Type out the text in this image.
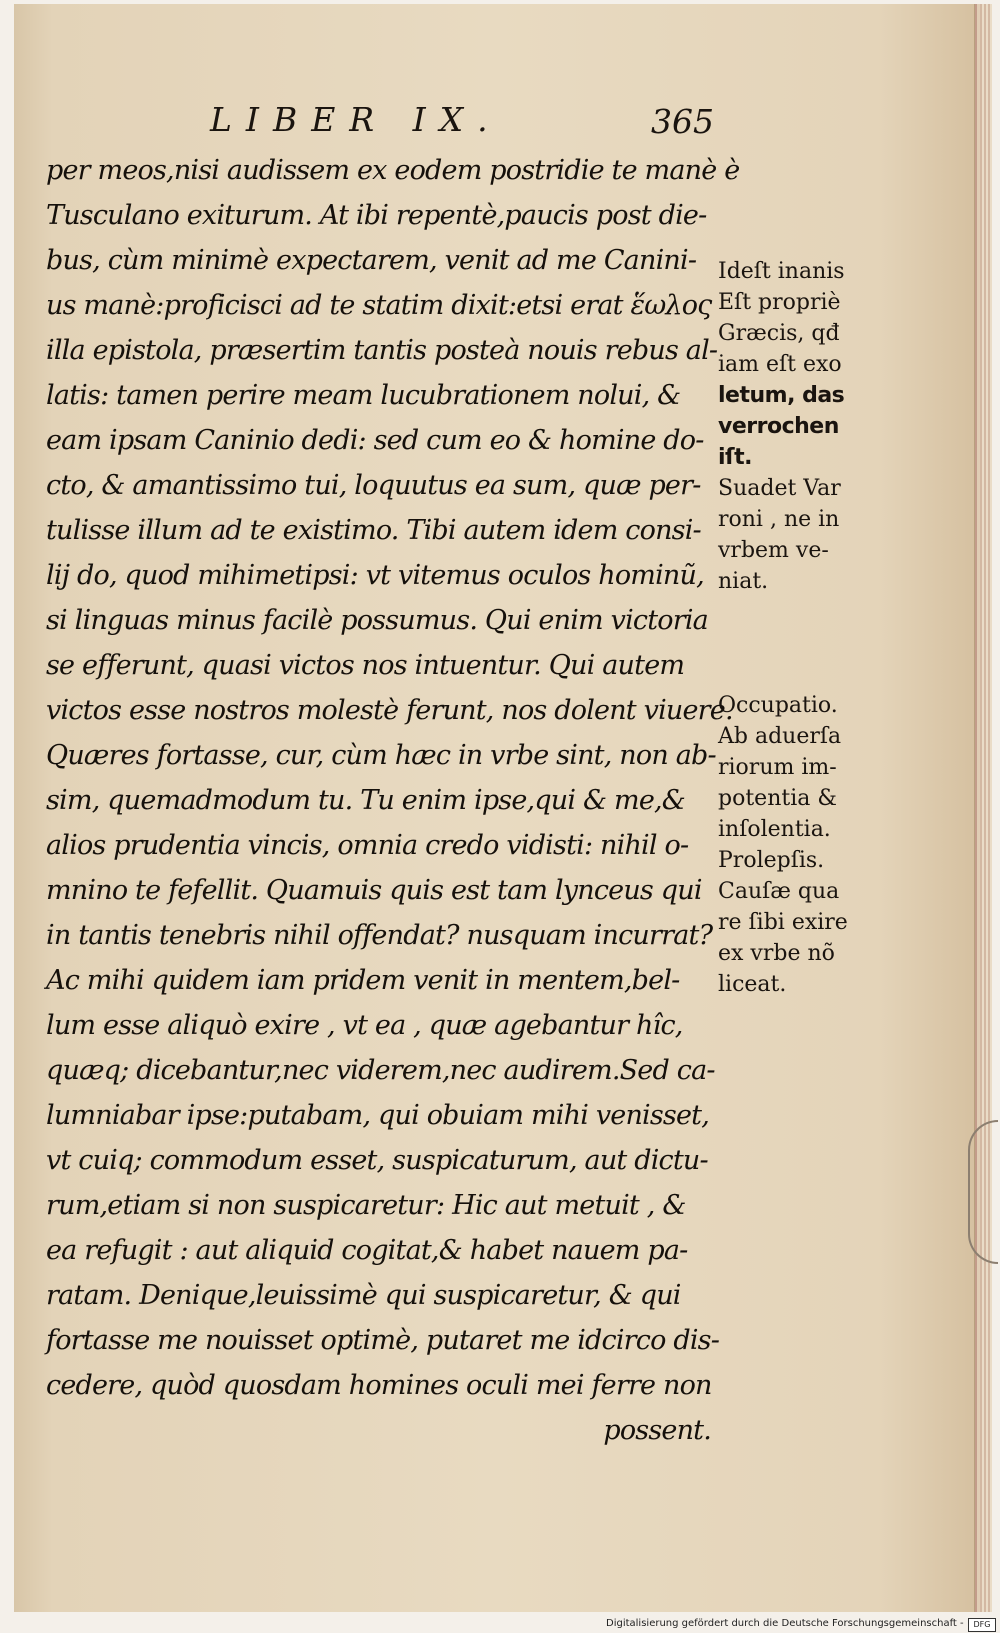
LIBER IX.	365
per meos,nisi audissem ex eodem postridie te manè è
Tusculano exiturum. At ibi repentè,paucis post die-
bus, cùm minimè expectarem, venit ad me Canini-
us manè:proficisci ad te statim dixit:etsi erat ἕωλος
illa epistola, præsertim tantis posteà nouis rebus al-
latis: tamen perire meam lucubrationem nolui, &
eam ipsam Caninio dedi: sed cum eo & homine do-
cto, & amantissimo tui, loquutus ea sum, quæ per-
tulisse illum ad te existimo. Tibi autem idem consi-
lij do, quod mihimetipsi: vt vitemus oculos hominũ,
si linguas minus facilè possumus. Qui enim victoria
se efferunt, quasi victos nos intuentur. Qui autem
victos esse nostros molestè ferunt, nos dolent viuere.
Quæres fortasse, cur, cùm hæc in vrbe sint, non ab-
sim, quemadmodum tu. Tu enim ipse,qui & me,&
alios prudentia vincis, omnia credo vidisti: nihil o-
mnino te fefellit. Quamuis quis est tam lynceus qui
in tantis tenebris nihil offendat? nusquam incurrat?
Ac mihi quidem iam pridem venit in mentem,bel-
lum esse aliquò exire , vt ea , quæ agebantur hîc,
quæq; dicebantur,nec viderem,nec audirem.Sed ca-
lumniabar ipse:putabam, qui obuiam mihi venisset,
vt cuiq; commodum esset, suspicaturum, aut dictu-
rum,etiam si non suspicaretur: Hic aut metuit , &
ea refugit : aut aliquid cogitat,& habet nauem pa-
ratam. Denique,leuissimè qui suspicaretur, & qui
fortasse me nouisset optimè, putaret me idcirco dis-
cedere, quòd quosdam homines oculi mei ferre non
possent.
Ideſt inanis
Eſt propriè
Græcis, qđ
iam eſt exo
letum, das
verrochen
iſt.
Suadet Var
roni , ne in
vrbem ve-
niat.
Occupatio.
Ab aduerſa
riorum im-
potentia &
inſolentia.
Prolepſis.
Cauſæ qua
re ſibi exire
ex vrbe nõ
liceat.
Digitalisierung gefördert durch die Deutsche Forschungsgemeinschaft -	DFG
